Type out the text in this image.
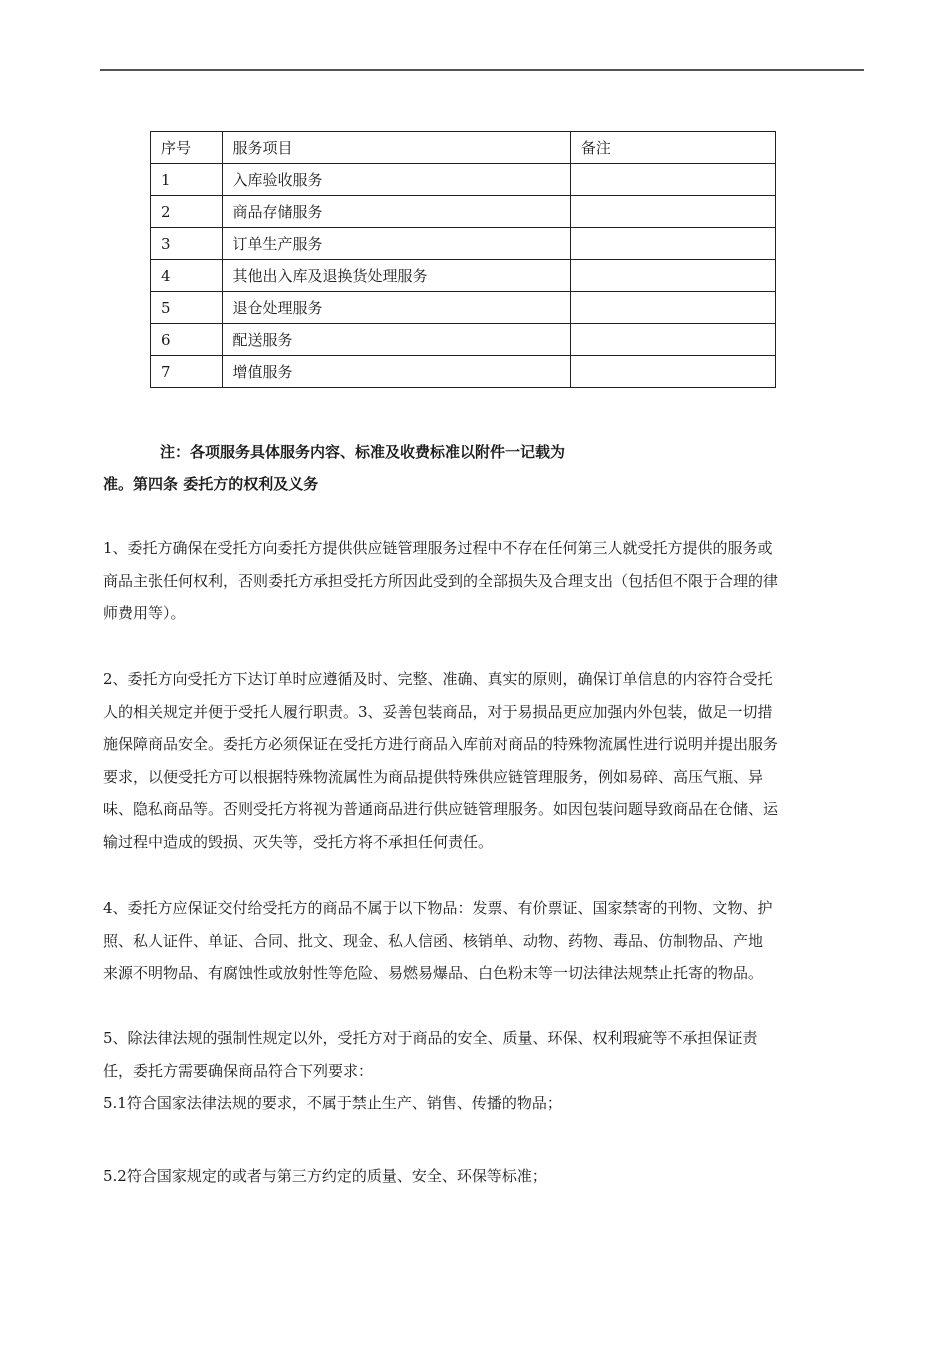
序号	服务项目	备注
1	入库验收服务	
2	商品存储服务	
3	订单生产服务	
4	其他出入库及退换货处理服务	
5	退仓处理服务	
6	配送服务	
7	增值服务	
注：各项服务具体服务内容、标准及收费标准以附件一记载为
准。第四条 委托方的权利及义务
1、委托方确保在受托方向委托方提供供应链管理服务过程中不存在任何第三人就受托方提供的服务或
商品主张任何权利，否则委托方承担受托方所因此受到的全部损失及合理支出（包括但不限于合理的律
师费用等）。
2、委托方向受托方下达订单时应遵循及时、完整、准确、真实的原则，确保订单信息的内容符合受托
人的相关规定并便于受托人履行职责。3、妥善包装商品，对于易损品更应加强内外包装，做足一切措
施保障商品安全。委托方必须保证在受托方进行商品入库前对商品的特殊物流属性进行说明并提出服务
要求，以便受托方可以根据特殊物流属性为商品提供特殊供应链管理服务，例如易碎、高压气瓶、异
味、隐私商品等。否则受托方将视为普通商品进行供应链管理服务。如因包装问题导致商品在仓储、运
输过程中造成的毁损、灭失等，受托方将不承担任何责任。
4、委托方应保证交付给受托方的商品不属于以下物品：发票、有价票证、国家禁寄的刊物、文物、护
照、私人证件、单证、合同、批文、现金、私人信函、核销单、动物、药物、毒品、仿制物品、产地
来源不明物品、有腐蚀性或放射性等危险、易燃易爆品、白色粉末等一切法律法规禁止托寄的物品。
5、除法律法规的强制性规定以外，受托方对于商品的安全、质量、环保、权利瑕疵等不承担保证责
任，委托方需要确保商品符合下列要求：
5.1符合国家法律法规的要求，不属于禁止生产、销售、传播的物品；
5.2符合国家规定的或者与第三方约定的质量、安全、环保等标准；
